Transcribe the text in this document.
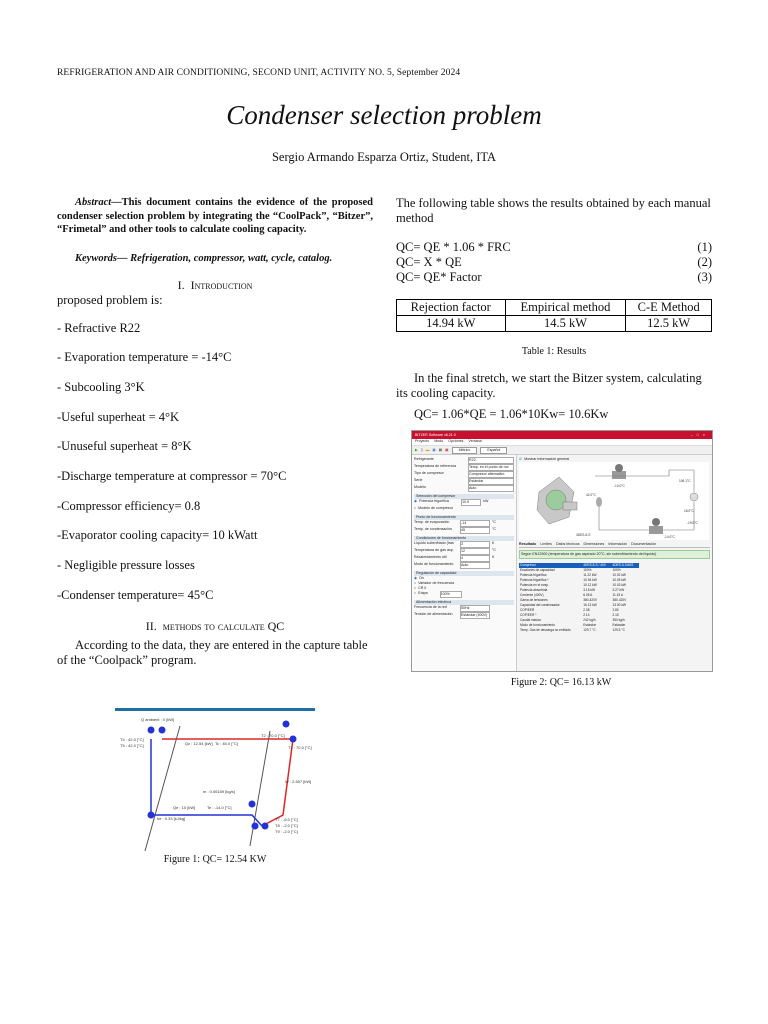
REFRIGERATION AND AIR CONDITIONING, SECOND UNIT, ACTIVITY NO. 5, September 2024
Condenser selection problem
Sergio Armando Esparza Ortiz, Student, ITA

Abstract—This document contains the evidence of the proposed condenser selection problem by integrating the “CoolPack”, “Bitzer”, “Frimetal” and other tools to calculate cooling capacity.

Keywords— Refrigeration, compressor, watt, cycle, catalog.

I. Introduction

proposed problem is:

- Refractive R22

- Evaporation temperature = -14°C

- Subcooling 3°K

-Useful superheat = 4°K

-Unuseful superheat = 8°K

-Discharge temperature at compressor = 70°C

-Compressor efficiency= 0.8

-Evaporator cooling capacity= 10 kWatt

- Negligible pressure losses

-Condenser temperature= 45°C

II. methods to calculate QC

According to the data, they are entered in the capture table of the “Coolpack” program.

Q ambient : 0 [kW]
Qc : 12.54 [kW] Tc : 45.0 [°C]
T2 : 70.0 [°C]
T1 : 70.0 [°C]
T4 : 42.0 [°C]
T5 : 42.0 [°C]
W : 2.557 [kW]
m : 0.06159 [kg/s]
Qe : 10 [kW]	Te : -14.0 [°C]
he : 0.33 [kJ/kg]	T7 : -6.0 [°C]
T8 : -2.0 [°C]
T9 : -2.0 [°C]
Figure 1: QC= 12.54 KW

The following table shows the results obtained by each manual method

QC= QE * 1.06 * FRC	(1)
QC= X * QE	(2)
QC= QE* Factor	(3)
Rejection factor	Empirical method	C-E Method
14.94 kW	14.5 kW	12.5 kW
Table 1: Results

In the final stretch, we start the Bitzer system, calculating its cooling capacity.

QC= 1.06*QE = 1.06*10Kw= 10.6Kw

BITZER Software v6.21.0	–□×
Proyecto Modo Opciones Ventana
▶ ▯ ▬ ▣ ▤ ▦	Métrico	Español
Refrigerante	R22
Temperatura de referencia	Temp. en el punto de roc
Tipo de compresor	Compresor alternativo
Serie	Estándar
Modelo	Auto
Selección del compresor
◉ Potencia frigorífica	10.0	kW
○ Modelo de compresor
Punto de funcionamiento
Temp. de evaporación	-14	°C
Temp. de condensación	45	°C
Condiciones de funcionamiento
Líquido subenfriado (tras	3	K
Temperatura de gas asp.	12	°C
Recalentamiento útil	4	K
Modo de funcionamiento	Auto
Regulación de capacidad
◉ On
○ Variador de frecuencia
○ CR II
○ Etapa	100%
Alimentación eléctrica
Frecuencia de la red	50Hz
Tensión de alimentación	Estándar (400V)
☑ Mostrar Información general
-10.0°C
106.1°C
42.0°C
18.0°C
-14.0°C
-19.0°C
4DES-5-S
Resultado Límites Datos técnicos Dimensiones Información Documentación
Según EN12900 (temperatura de gas aspirado 20°C, sin subenfriamiento del líquido)
Compresor	4DES-5-S / 400	4DES-5-S/40S
Escalones de capacidad	100%	100%
Potencia frigorífica	11.22 kW	10.02 kW
Potencia frigorífica *	10.94 kW	10.05 kW
Potencia en el evap.	10.12 kW	10.03 kW
Potencia absorbida	3.15 kW	3.27 kW
Corriente (400V)	6.05 A	11.15 A
Gama de tensiones	380-420V	380-420V
Capacidad del condensador	16.13 kW	13.00 kW
COP/EER	2.38	2.80
COP/EER *	2.14	2.15
Caudal másico	242 kg/h	350 kg/h
Modo de funcionamiento	Estándar	Estándar
Temp. Gas de descarga no enfriado	129.7 °C	129.5 °C
Figure 2: QC= 16.13 kW
